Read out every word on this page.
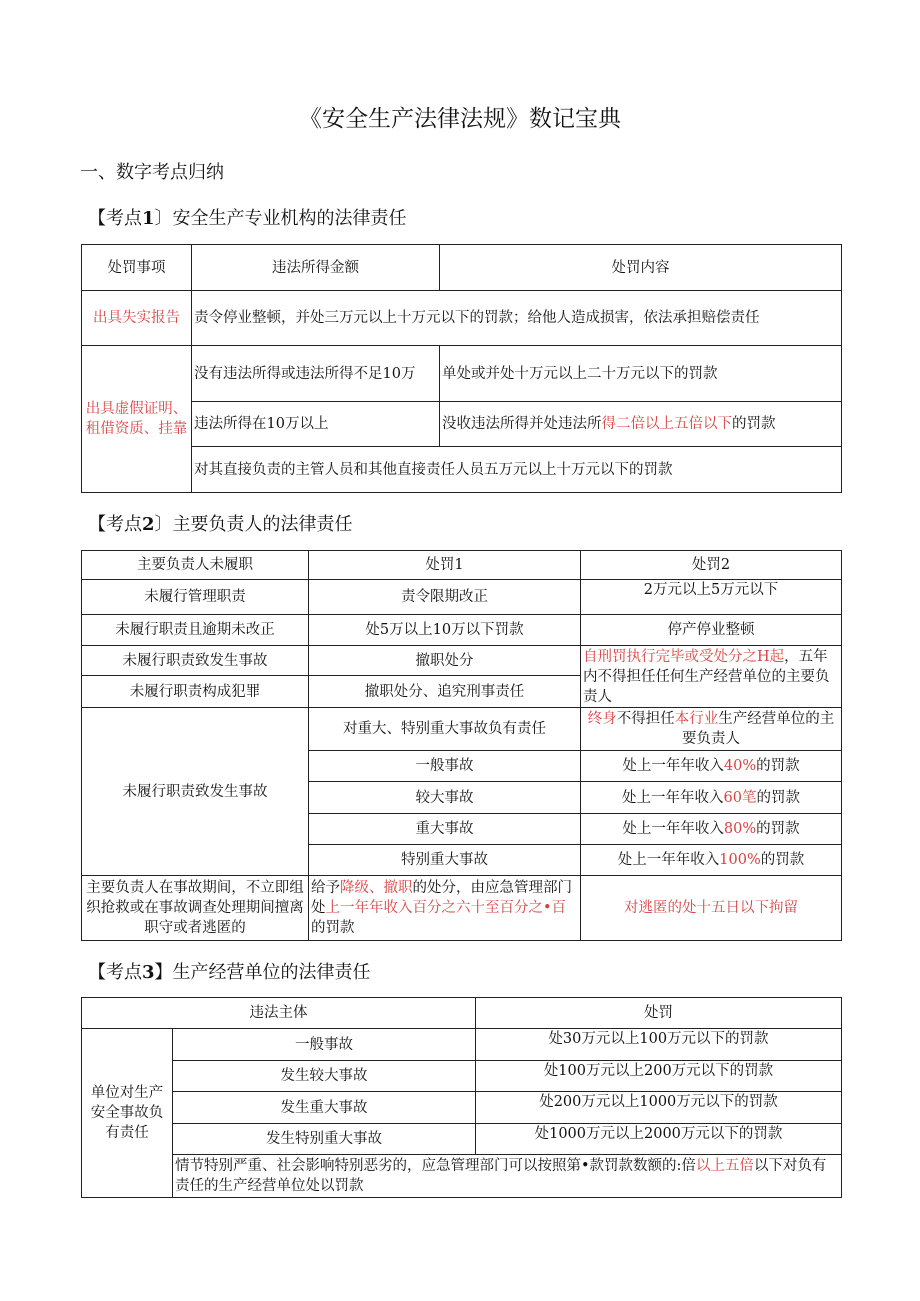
《安全生产法律法规》数记宝典
一、数字考点归纳
【考点1〕安全生产专业机构的法律责任
处罚事项	违法所得金额	处罚内容
出具失实报告	责令停业整顿，并处三万元以上十万元以下的罚款；给他人造成损害，依法承担赔偿责任	
出具虚假证明、租借资质、挂靠	没有违法所得或违法所得不足10万	单处或并处十万元以上二十万元以下的罚款
	违法所得在10万以上	没收违法所得并处违法所得二倍以上五倍以下的罚款
	对其直接负责的主管人员和其他直接责任人员五万元以上十万元以下的罚款	
【考点2〕主要负责人的法律责任
主要负责人未履职	处罚1	处罚2
未履行管理职责	责令限期改正	2万元以上5万元以下
未履行职责且逾期未改正	处5万以上10万以下罚款	停产停业整顿
未履行职责致发生事故	撤职处分	自刑罚执行完毕或受处分之H起，五年内不得担任任何生产经营单位的主要负责人
未履行职责构成犯罪	撤职处分、追究刑事责任	
未履行职责致发生事故	对重大、特别重大事故负有责任	终身不得担任本行业生产经营单位的主要负责人
	一般事故	处上一年年收入40%的罚款
	较大事故	处上一年年收入60笔的罚款
	重大事故	处上一年年收入80%的罚款
	特别重大事故	处上一年年收入100%的罚款
主要负责人在事故期间，不立即组织抢救或在事故调查处理期间擅离职守或者逃匿的	给予降级、撤职的处分，由应急管理部门处上一年年收入百分之六十至百分之•百的罚款	对逃匿的处十五日以下拘留
【考点3】生产经营单位的法律责任
违法主体		处罚
单位对生产安全事故负有责任	一般事故	处30万元以上100万元以下的罚款
	发生较大事故	处100万元以上200万元以下的罚款
	发生重大事故	处200万元以上1000万元以下的罚款
	发生特别重大事故	处1000万元以上2000万元以下的罚款
	情节特别严重、社会影响特别恶劣的，应急管理部门可以按照第•款罚款数额的:倍以上五倍以下对负有责任的生产经营单位处以罚款	
